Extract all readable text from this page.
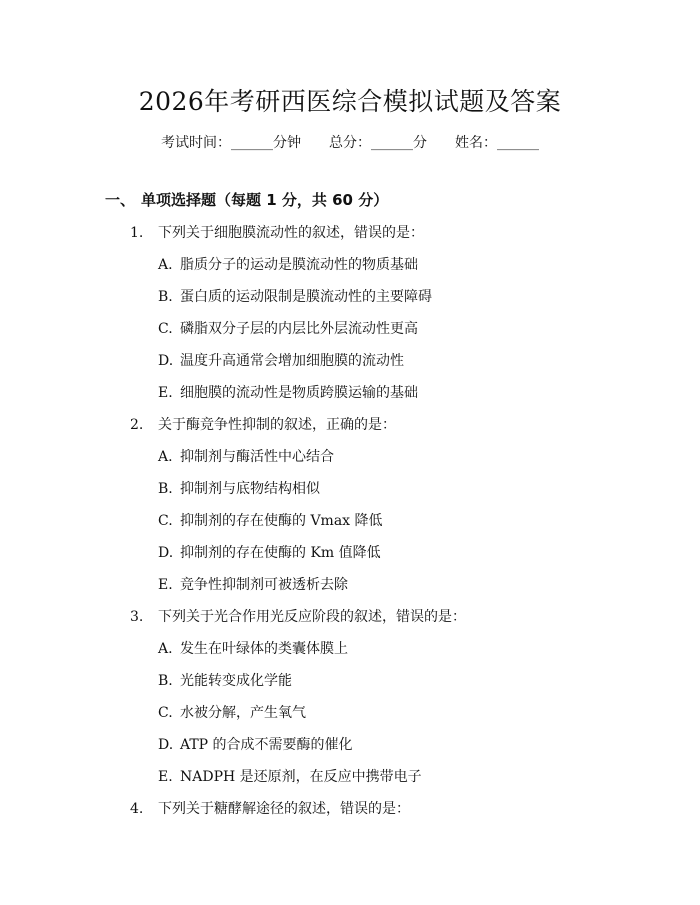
2026年考研西医综合模拟试题及答案
考试时间：______分钟 总分：______分 姓名：______
一、 单项选择题（每题 1 分，共 60 分）
1. 下列关于细胞膜流动性的叙述，错误的是：
A. 脂质分子的运动是膜流动性的物质基础
B. 蛋白质的运动限制是膜流动性的主要障碍
C. 磷脂双分子层的内层比外层流动性更高
D. 温度升高通常会增加细胞膜的流动性
E. 细胞膜的流动性是物质跨膜运输的基础
2. 关于酶竞争性抑制的叙述，正确的是：
A. 抑制剂与酶活性中心结合
B. 抑制剂与底物结构相似
C. 抑制剂的存在使酶的 Vmax 降低
D. 抑制剂的存在使酶的 Km 值降低
E. 竞争性抑制剂可被透析去除
3. 下列关于光合作用光反应阶段的叙述，错误的是：
A. 发生在叶绿体的类囊体膜上
B. 光能转变成化学能
C. 水被分解，产生氧气
D. ATP 的合成不需要酶的催化
E. NADPH 是还原剂，在反应中携带电子
4. 下列关于糖酵解途径的叙述，错误的是：
